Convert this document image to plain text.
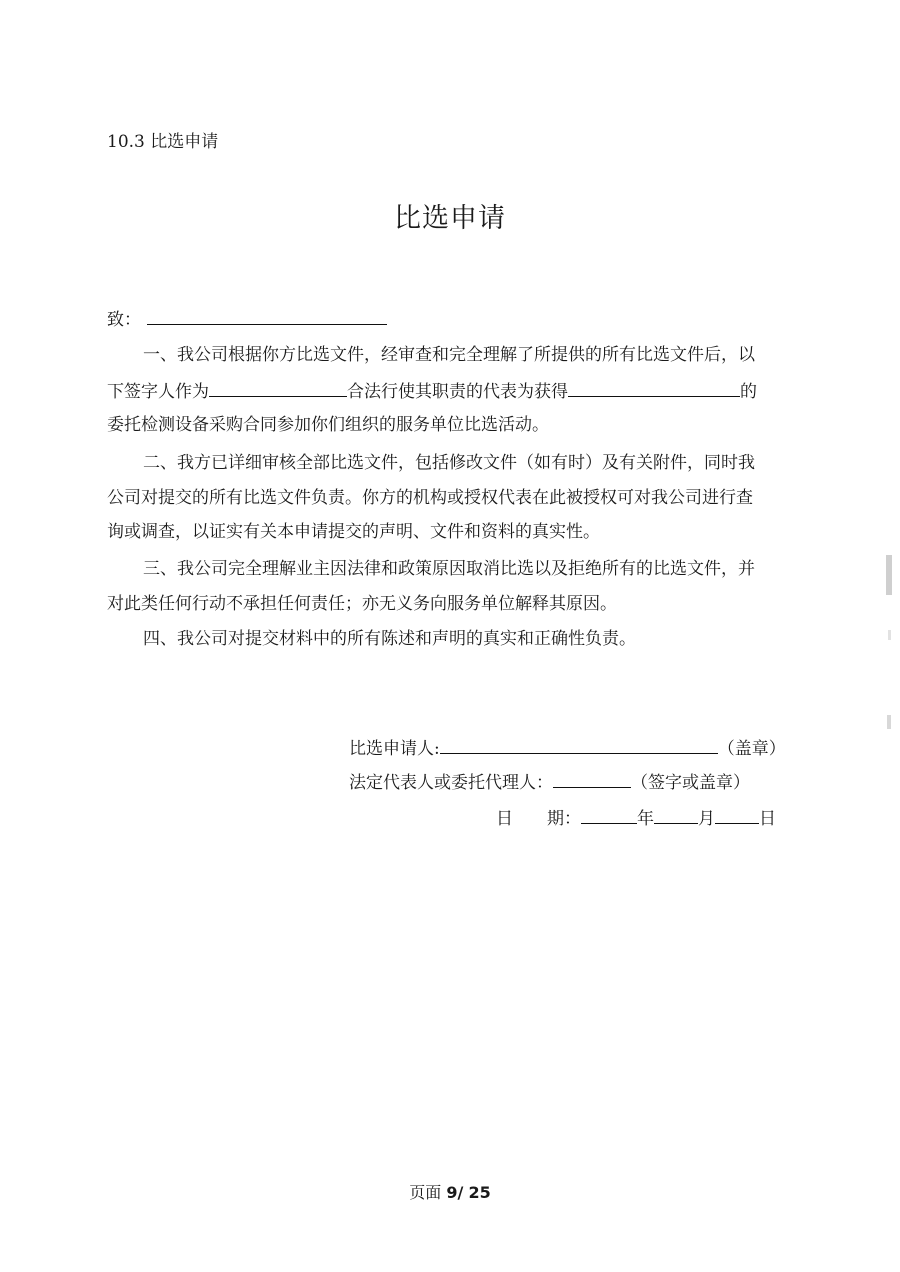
10.3 比选申请
比选申请
致：
一、我公司根据你方比选文件，经审查和完全理解了所提供的所有比选文件后，以
下签字人作为	合法行使其职责的代表为获得	的
委托检测设备采购合同参加你们组织的服务单位比选活动。
二、我方已详细审核全部比选文件，包括修改文件（如有时）及有关附件，同时我
公司对提交的所有比选文件负责。你方的机构或授权代表在此被授权可对我公司进行查
询或调查，以证实有关本申请提交的声明、文件和资料的真实性。
三、我公司完全理解业主因法律和政策原因取消比选以及拒绝所有的比选文件，并
对此类任何行动不承担任何责任；亦无义务向服务单位解释其原因。
四、我公司对提交材料中的所有陈述和声明的真实和正确性负责。
比选申请人:	（盖章）
法定代表人或委托代理人：	（签字或盖章）
日　　期：	年	月	日
页面 9/ 25
